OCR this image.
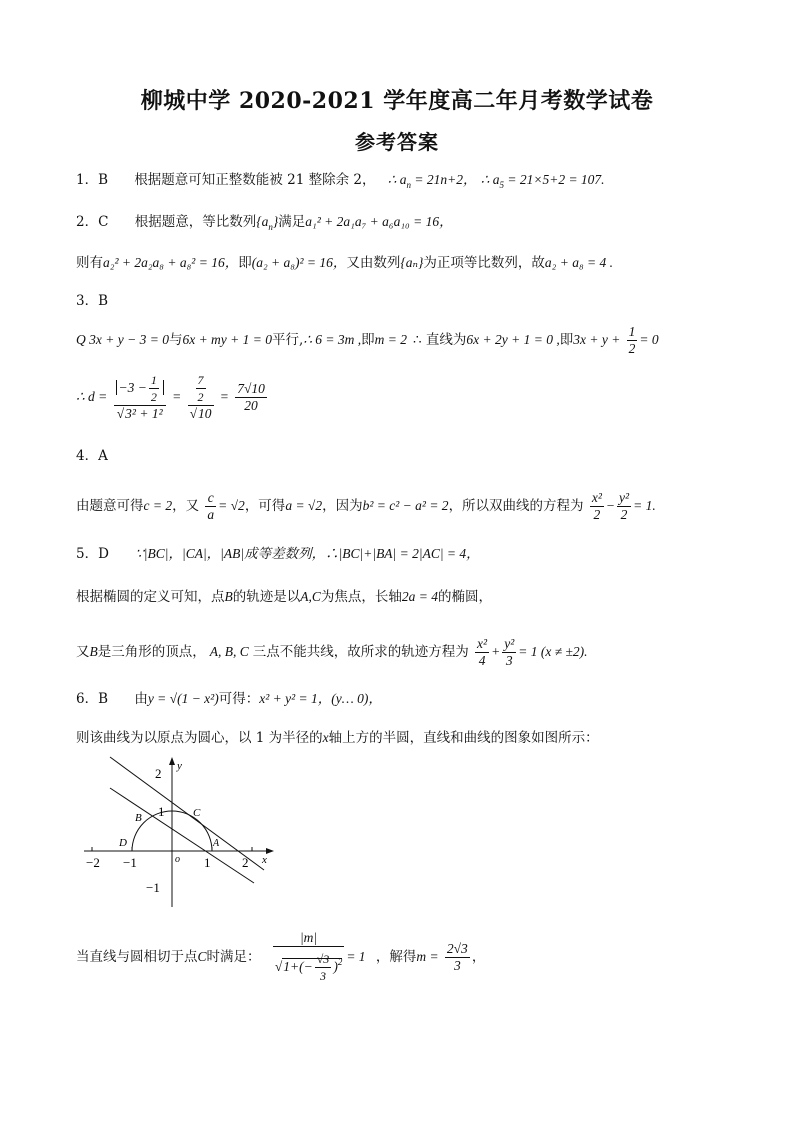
柳城中学 2020-2021 学年度高二年月考数学试卷
参考答案
1．B 根据题意可知正整数能被 21 整除余 2， ∴ $a_n = 21n+2$， ∴ $a_5 = 21\times 5+2 = 107$.
2．C 根据题意，等比数列$\{a_n\}$满足a₁² + 2a₁a₇ + a₆a₁₀ = 16，
则有a₂² + 2a₂a₈ + a₈² = 16，即(a₂ + a₈)² = 16，又由数列{aₙ}为正项等比数列，故a₂ + a₈ = 4 .
3．B
Q 3x + y − 3 = 0与6x + my + 1 = 0平行,∴ 6 = 3m ,即m = 2 ∴ 直线为6x + 2y + 1 = 0 ,即$3x + y + \frac{1}{2} = 0$
∴ $d = \frac{-3 - \frac{1}{2}}{\text{√3² + 1²}} = \frac{\frac{7}{2}}{√10} = \frac{7√10}{20}$
4．A
由题意可得c = 2，又 $\frac{c}{a} = √2$，可得a = √2，因为b² = c² − a² = 2，所以双曲线的方程为 $\frac{\text{x²}}{2} - \frac{\text{y²}}{2} = 1$.
5．D ∵|BC|，|CA|，|AB|成等差数列，∴|BC|+|BA| = 2|AC| = 4，
根据椭圆的定义可知，点B的轨迹是以A,C为焦点，长轴2a = 4的椭圆，
又B是三角形的顶点， A, B, C 三点不能共线，故所求的轨迹方程为 $\frac{\text{x²}}{4} + \frac{\text{y²}}{3} = 1$ (x ≠ ±2).
6．B 由y = √(1 − x²)可得：x² + y² = 1，(y… 0)，
则该曲线为以原点为圆心，以 1 为半径的x轴上方的半圆，直线和曲线的图象如图所示：
−2 −1	1 2
2
1
−1
x
y
o
B	C
D	A
当直线与圆相切于点C时满足： $\frac{|m|}{√1+(- \frac{√3}{3} )^2} = 1$ ，解得$m = \frac{2√3}{3}$ ，
